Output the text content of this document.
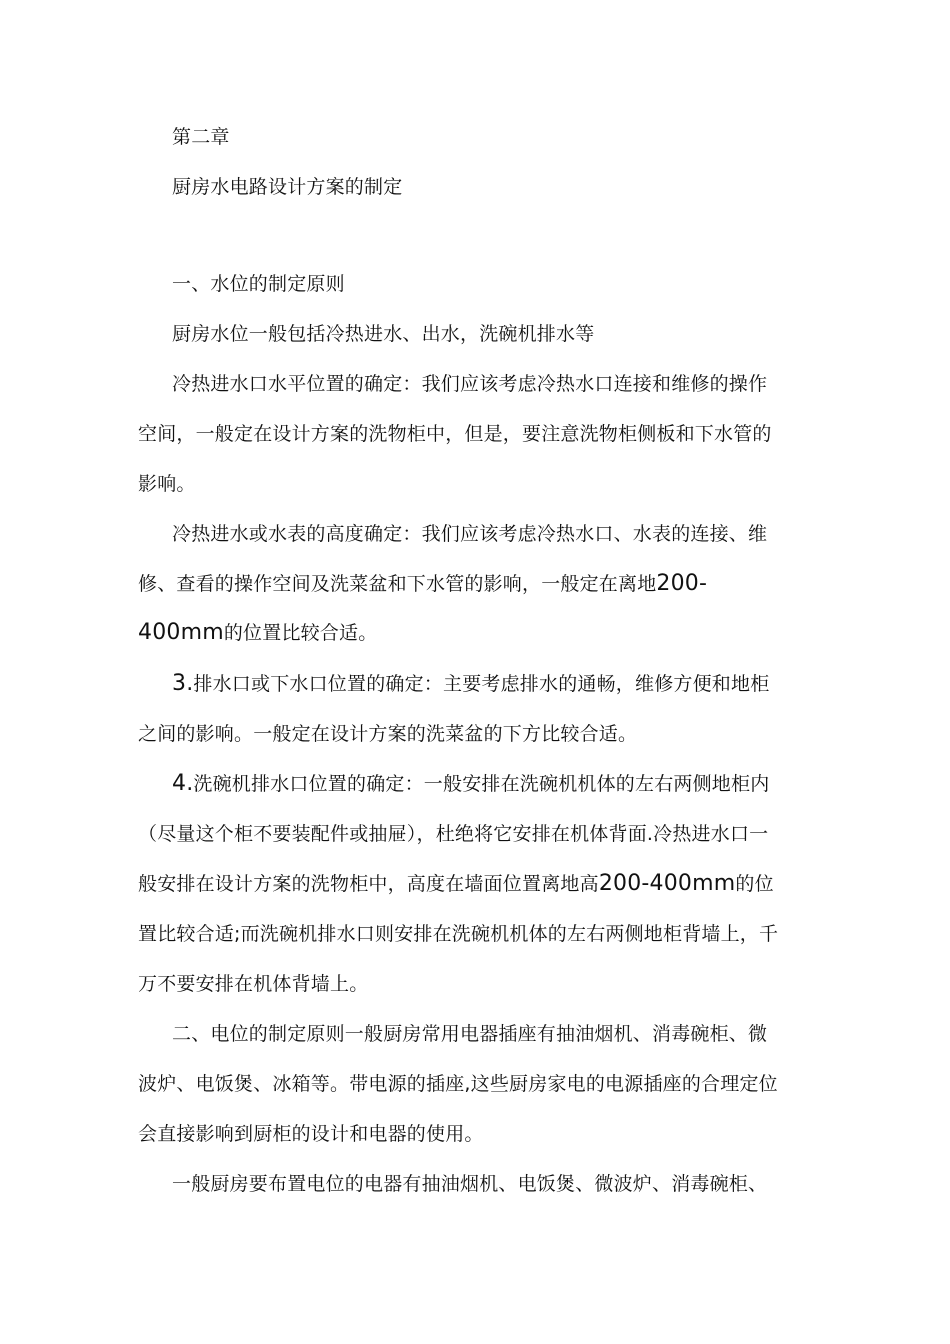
第二章
厨房水电路设计方案的制定
一、水位的制定原则
厨房水位一般包括冷热进水、出水，洗碗机排水等
冷热进水口水平位置的确定：我们应该考虑冷热水口连接和维修的操作
空间，一般定在设计方案的洗物柜中，但是，要注意洗物柜侧板和下水管的
影响。
冷热进水或水表的高度确定：我们应该考虑冷热水口、水表的连接、维
修、查看的操作空间及洗菜盆和下水管的影响，一般定在离地200-
400mm的位置比较合适。
3.排水口或下水口位置的确定：主要考虑排水的通畅，维修方便和地柜
之间的影响。一般定在设计方案的洗菜盆的下方比较合适。
4.洗碗机排水口位置的确定：一般安排在洗碗机机体的左右两侧地柜内
（尽量这个柜不要装配件或抽屉），杜绝将它安排在机体背面.冷热进水口一
般安排在设计方案的洗物柜中，高度在墙面位置离地高200-400mm的位
置比较合适;而洗碗机排水口则安排在洗碗机机体的左右两侧地柜背墙上，千
万不要安排在机体背墙上。
二、电位的制定原则一般厨房常用电器插座有抽油烟机、消毒碗柜、微
波炉、电饭煲、冰箱等。带电源的插座,这些厨房家电的电源插座的合理定位
会直接影响到厨柜的设计和电器的使用。
一般厨房要布置电位的电器有抽油烟机、电饭煲、微波炉、消毒碗柜、
